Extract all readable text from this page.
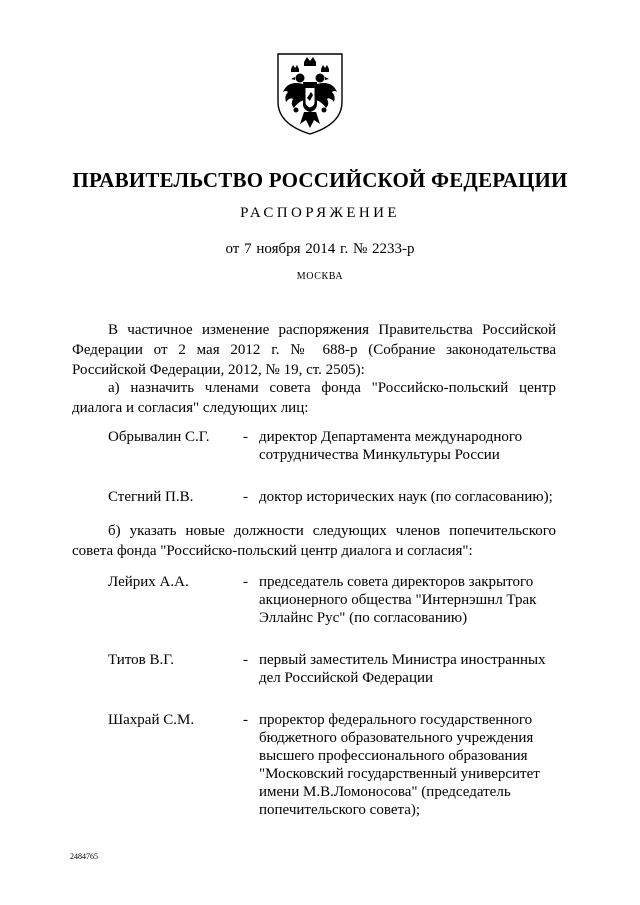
ПРАВИТЕЛЬСТВО РОССИЙСКОЙ ФЕДЕРАЦИИ
РАСПОРЯЖЕНИЕ
от 7 ноября 2014 г. № 2233-р
МОСКВА
В частичное изменение распоряжения Правительства Российской Федерации от 2 мая 2012 г. № 688-р (Собрание законодательства Российской Федерации, 2012, № 19, ст. 2505):
а) назначить членами совета фонда "Российско-польский центр диалога и согласия" следующих лиц:
Обрывалин С.Г.	- директор Департамента международного сотрудничества Минкультуры России
Стегний П.В.	- доктор исторических наук (по согласованию);
б) указать новые должности следующих членов попечительского совета фонда "Российско-польский центр диалога и согласия":
Лейрих А.А.	- председатель совета директоров закрытого акционерного общества "Интернэшнл Трак Эллайнс Рус" (по согласованию)
Титов В.Г.	- первый заместитель Министра иностранных дел Российской Федерации
Шахрай С.М.	- проректор федерального государственного бюджетного образовательного учреждения высшего профессионального образования "Московский государственный университет имени М.В.Ломоносова" (председатель попечительского совета);
2484765
